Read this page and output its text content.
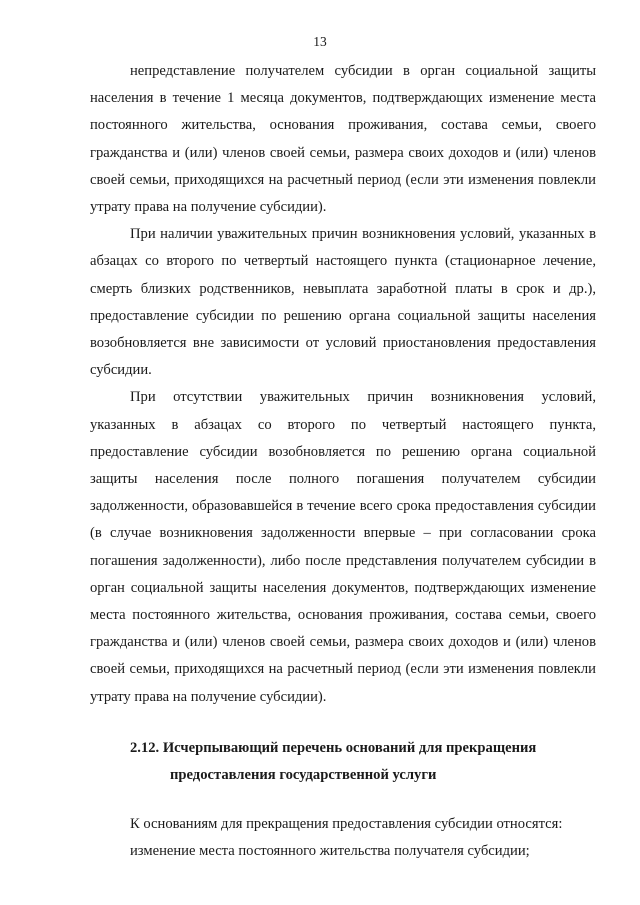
13

непредставление получателем субсидии в орган социальной защиты населения в течение 1 месяца документов, подтверждающих изменение места постоянного жительства, основания проживания, состава семьи, своего гражданства и (или) членов своей семьи, размера своих доходов и (или) членов своей семьи, приходящихся на расчетный период (если эти изменения повлекли утрату права на получение субсидии).

При наличии уважительных причин возникновения условий, указанных в абзацах со второго по четвертый настоящего пункта (стационарное лечение, смерть близких родственников, невыплата заработной платы в срок и др.), предоставление субсидии по решению органа социальной защиты населения возобновляется вне зависимости от условий приостановления предоставления субсидии.

При отсутствии уважительных причин возникновения условий, указанных в абзацах со второго по четвертый настоящего пункта, предоставление субсидии возобновляется по решению органа социальной защиты населения после полного погашения получателем субсидии задолженности, образовавшейся в течение всего срока предоставления субсидии (в случае возникновения задолженности впервые – при согласовании срока погашения задолженности), либо после представления получателем субсидии в орган социальной защиты населения документов, подтверждающих изменение места постоянного жительства, основания проживания, состава семьи, своего гражданства и (или) членов своей семьи, размера своих доходов и (или) членов своей семьи, приходящихся на расчетный период (если эти изменения повлекли утрату права на получение субсидии).

2.12. Исчерпывающий перечень оснований для прекращения
предоставления государственной услуги

К основаниям для прекращения предоставления субсидии относятся:

изменение места постоянного жительства получателя субсидии;
